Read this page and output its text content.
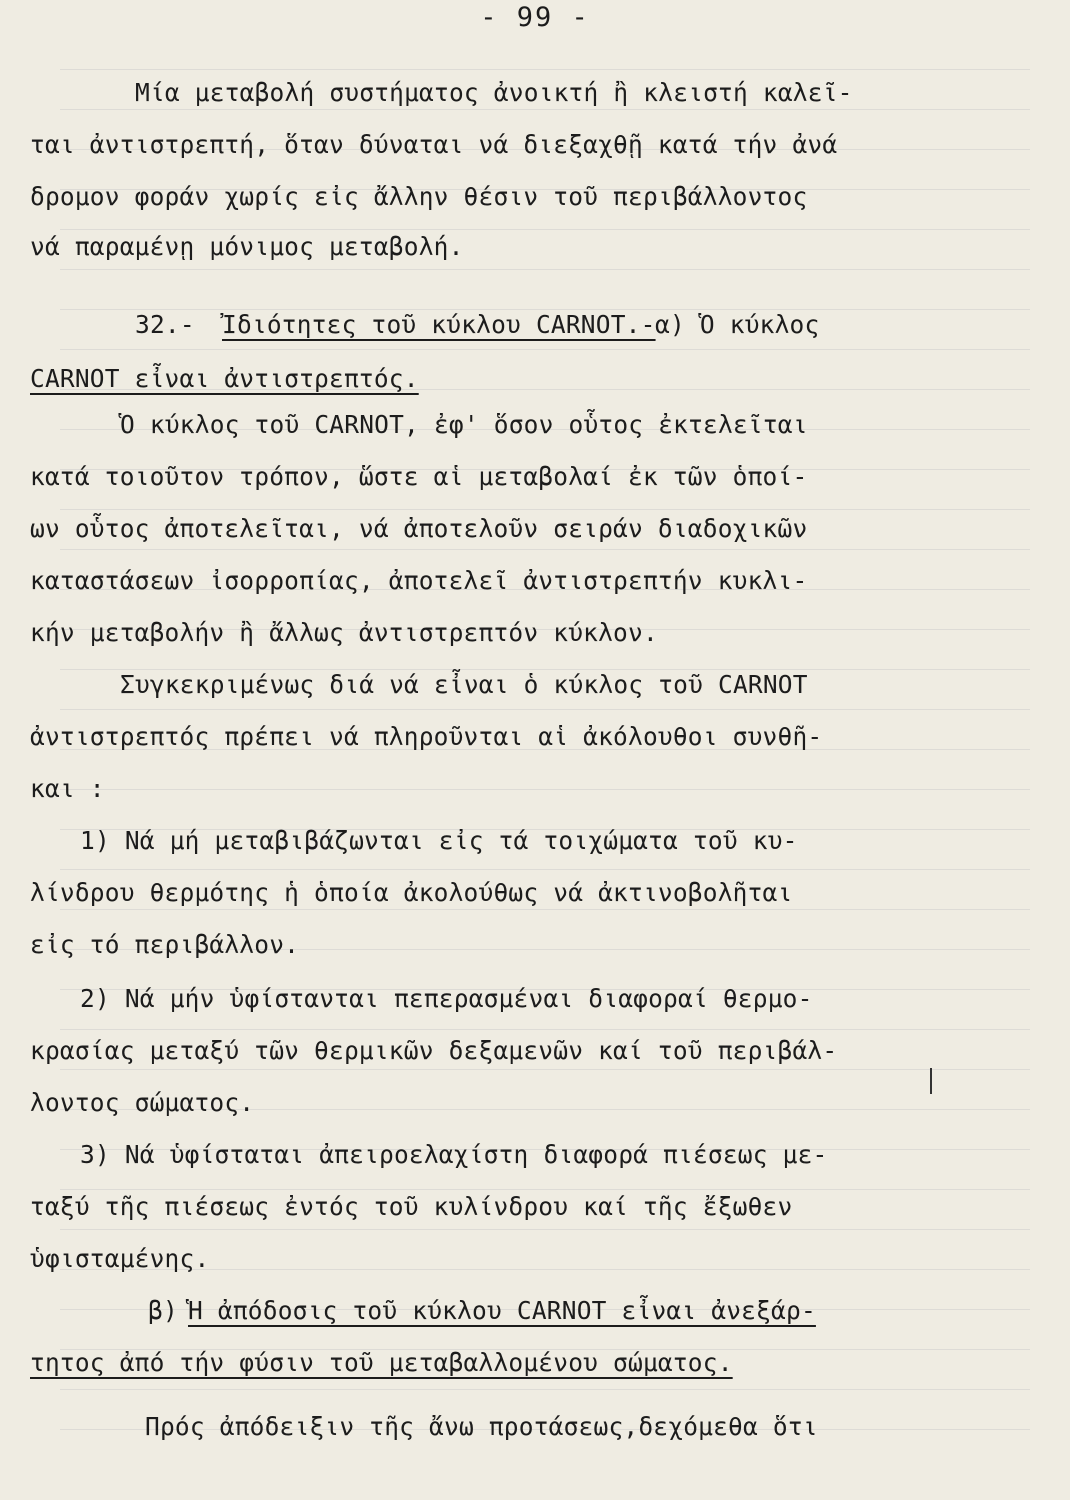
- 99 -
Μία μεταβολή συστήματος ἀνοικτή ἢ κλειστή καλεῖ-
ται ἀντιστρεπτή, ὅταν δύναται νά διεξαχθῇ κατά τήν ἀνά
δρομον φοράν χωρίς εἰς ἄλλην θέσιν τοῦ περιβάλλοντος
νά παραμένῃ μόνιμος μεταβολή.
32.- Ἰδιότητες τοῦ κύκλου CARNOT.- α) Ὁ κύκλος
CARNOT εἶναι ἀντιστρεπτός.
Ὁ κύκλος τοῦ CARNOT, ἐφ' ὅσον οὗτος ἐκτελεῖται
κατά τοιοῦτον τρόπον, ὥστε αἱ μεταβολαί ἐκ τῶν ὁποί-
ων οὗτος ἀποτελεῖται, νά ἀποτελοῦν σειράν διαδοχικῶν
καταστάσεων ἰσορροπίας, ἀποτελεῖ ἀντιστρεπτήν κυκλι-
κήν μεταβολήν ἢ ἄλλως ἀντιστρεπτόν κύκλον.
Συγκεκριμένως διά νά εἶναι ὁ κύκλος τοῦ CARNOT
ἀντιστρεπτός πρέπει νά πληροῦνται αἱ ἀκόλουθοι συνθῆ-
και :
1) Νά μή μεταβιβάζωνται εἰς τά τοιχώματα τοῦ κυ-
λίνδρου θερμότης ἡ ὁποία ἀκολούθως νά ἀκτινοβολῆται
εἰς τό περιβάλλον.
2) Νά μήν ὑφίστανται πεπερασμέναι διαφοραί θερμο-
κρασίας μεταξύ τῶν θερμικῶν δεξαμενῶν καί τοῦ περιβάλ-
λοντος σώματος.
3) Νά ὑφίσταται ἀπειροελαχίστη διαφορά πιέσεως με-
ταξύ τῆς πιέσεως ἐντός τοῦ κυλίνδρου καί τῆς ἔξωθεν
ὑφισταμένης.
β) Ἡ ἀπόδοσις τοῦ κύκλου CARNOT εἶναι ἀνεξάρ-
τητος ἀπό τήν φύσιν τοῦ μεταβαλλομένου σώματος.
Πρός ἀπόδειξιν τῆς ἄνω προτάσεως,δεχόμεθα ὅτι
